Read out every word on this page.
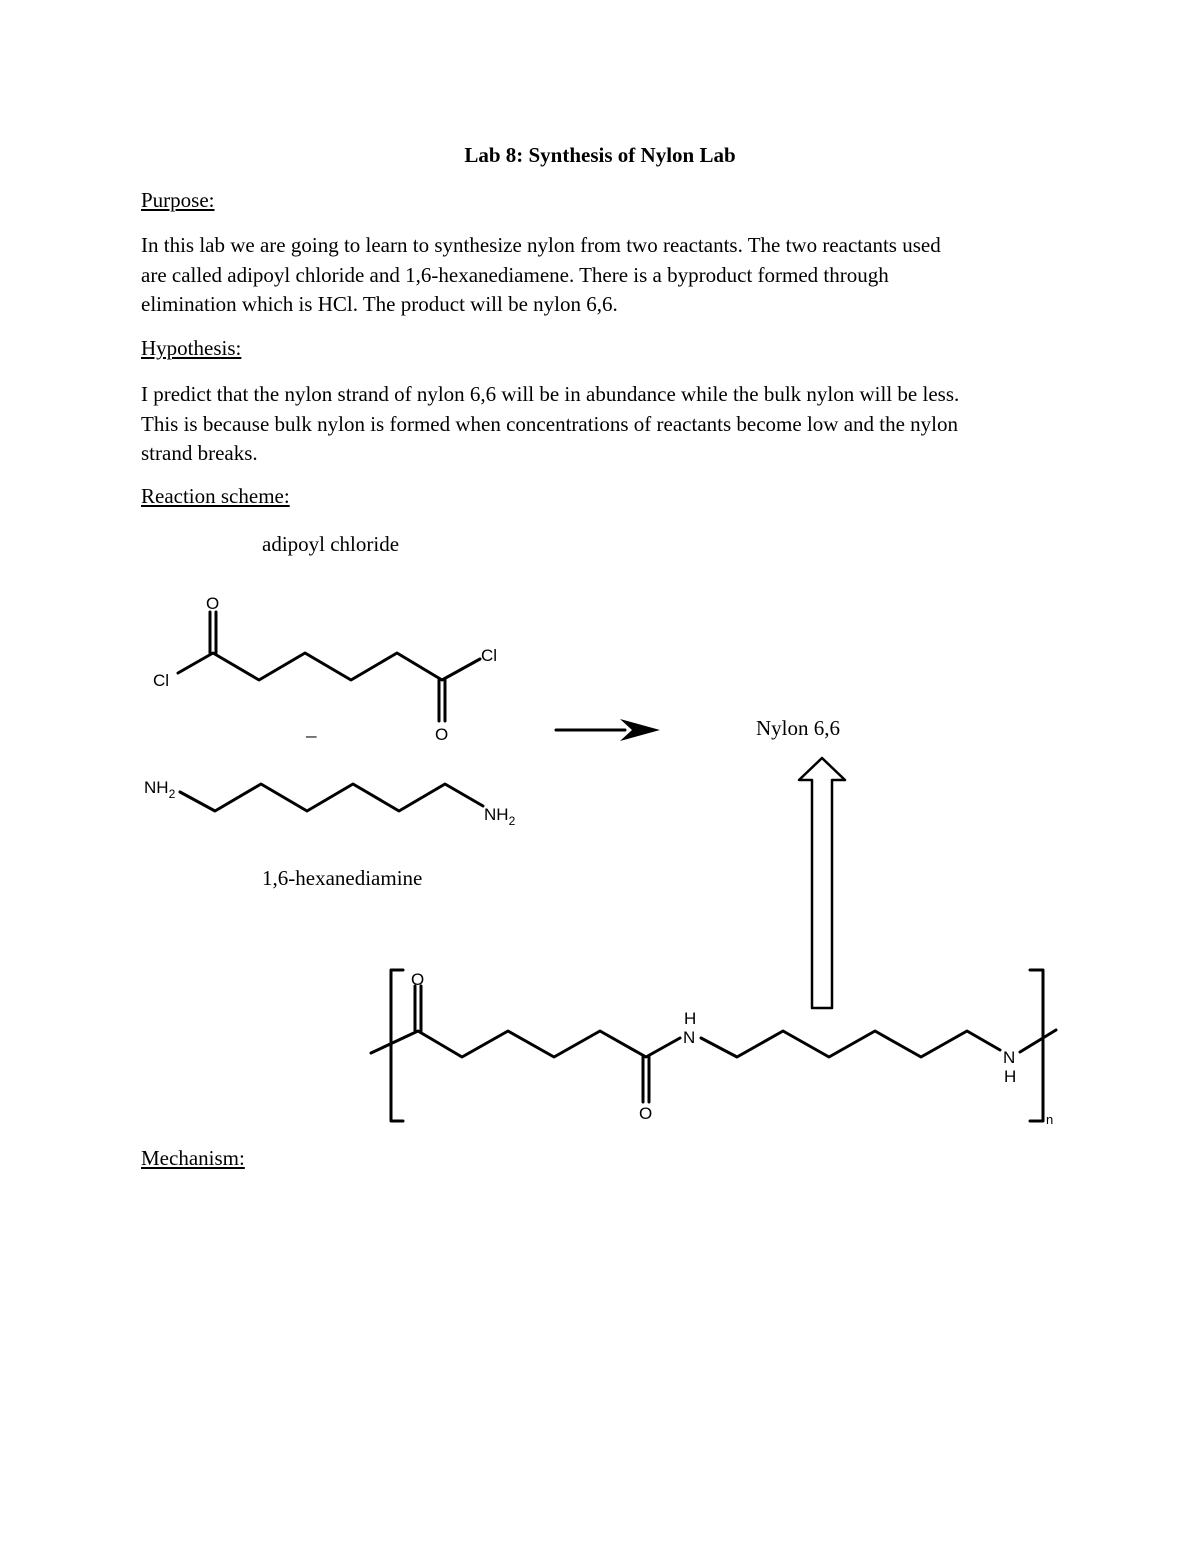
Lab 8: Synthesis of Nylon Lab
Purpose:
In this lab we are going to learn to synthesize nylon from two reactants. The two reactants used
are called adipoyl chloride and 1,6-hexanediamene. There is a byproduct formed through
elimination which is HCl. The product will be nylon 6,6.
Hypothesis:
I predict that the nylon strand of nylon 6,6 will be in abundance while the bulk nylon will be less.
This is because bulk nylon is formed when concentrations of reactants become low and the nylon
strand breaks.
Reaction scheme:
adipoyl chloride
1,6-hexanediamine
Nylon 6,6
–
O
O
Cl
Cl
$NH_2$
$NH_2$
O
O
H
N
N
H
n
Mechanism:
